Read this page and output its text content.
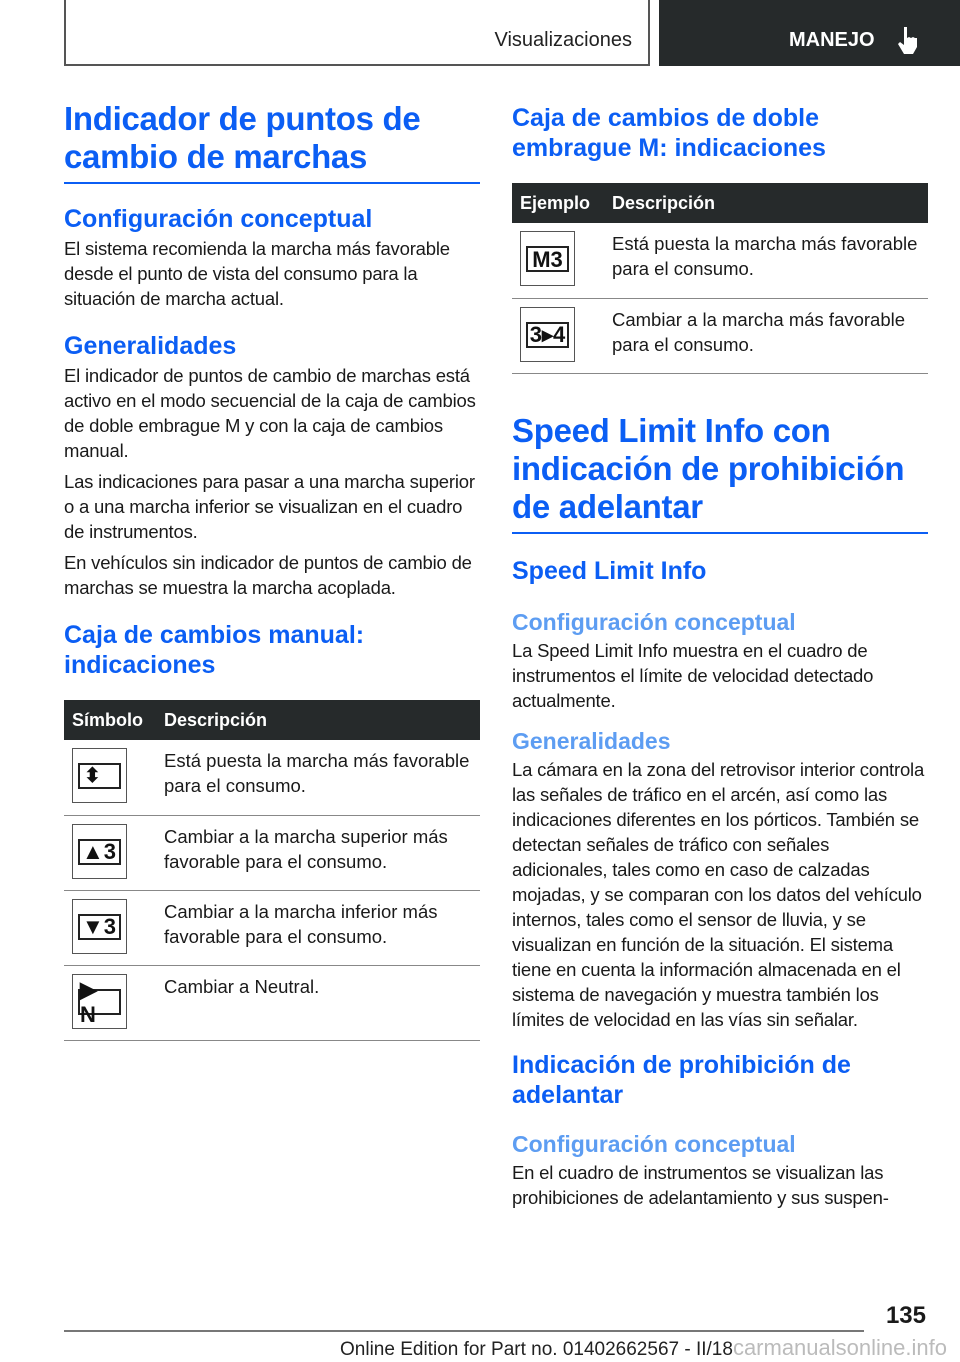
Visualizaciones	MANEJO
Indicador de puntos de cambio de marchas
Configuración conceptual

El sistema recomienda la marcha más favorable desde el punto de vista del consumo para la situación de marcha actual.

Generalidades

El indicador de puntos de cambio de marchas está activo en el modo secuencial de la caja de cambios de doble embrague M y con la caja de cambios manual.

Las indicaciones para pasar a una marcha superior o a una marcha inferior se visualizan en el cuadro de instrumentos.

En vehículos sin indicador de puntos de cambio de marchas se muestra la marcha acoplada.

Caja de cambios manual: indicaciones
Símbolo	Descripción

⬍	Está puesta la marcha más favorable para el consumo.

▲3	Cambiar a la marcha superior más favorable para el consumo.

▼3	Cambiar a la marcha inferior más favorable para el consumo.

▶ N	Cambiar a Neutral.
Caja de cambios de doble embrague M: indicaciones
Ejemplo	Descripción

M3	Está puesta la marcha más favorable para el consumo.

3▸4	Cambiar a la marcha más favorable para el consumo.
Speed Limit Info con indicación de prohibición de adelantar
Speed Limit Info
Configuración conceptual

La Speed Limit Info muestra en el cuadro de instrumentos el límite de velocidad detectado actualmente.

Generalidades

La cámara en la zona del retrovisor interior controla las señales de tráfico en el arcén, así como las indicaciones diferentes en los pórticos. También se detectan señales de tráfico con señales adicionales, tales como en caso de calzadas mojadas, y se comparan con los datos del vehículo internos, tales como el sensor de lluvia, y se visualizan en función de la situación. El sistema tiene en cuenta la información almacenada en el sistema de navegación y muestra también los límites de velocidad en las vías sin señalar.

Indicación de prohibición de adelantar
Configuración conceptual

En el cuadro de instrumentos se visualizan las prohibiciones de adelantamiento y sus suspen-

135
Online Edition for Part no. 01402662567 - II/18carmanualsonline.info
